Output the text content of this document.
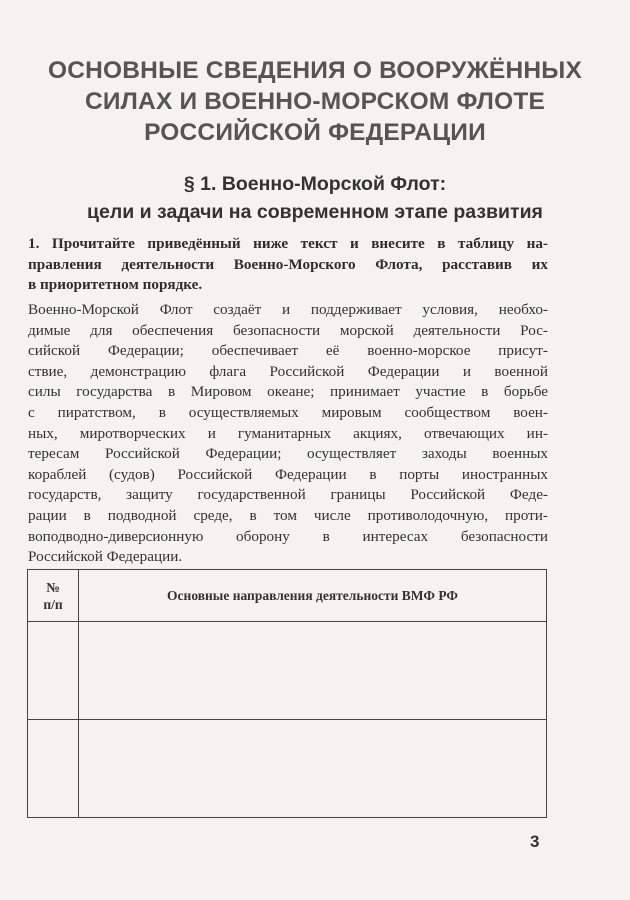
ОСНОВНЫЕ СВЕДЕНИЯ О ВООРУЖЁННЫХ
СИЛАХ И ВОЕННО-МОРСКОМ ФЛОТЕ
РОССИЙСКОЙ ФЕДЕРАЦИИ
§ 1. Военно-Морской Флот:
цели и задачи на современном этапе развития
1. Прочитайте приведённый ниже текст и внесите в таблицу на-
правления деятельности Военно-Морского Флота, расставив их
в приоритетном порядке.
Военно-Морской Флот создаёт и поддерживает условия, необхо-
димые для обеспечения безопасности морской деятельности Рос-
сийской Федерации; обеспечивает её военно-морское присут-
ствие, демонстрацию флага Российской Федерации и военной
силы государства в Мировом океане; принимает участие в борьбе
с пиратством, в осуществляемых мировым сообществом воен-
ных, миротворческих и гуманитарных акциях, отвечающих ин-
тересам Российской Федерации; осуществляет заходы военных
кораблей (судов) Российской Федерации в порты иностранных
государств, защиту государственной границы Российской Феде-
рации в подводной среде, в том числе противолодочную, проти-
воподводно-диверсионную оборону в интересах безопасности
Российской Федерации.
№
п/п	Основные направления деятельности ВМФ РФ

3
